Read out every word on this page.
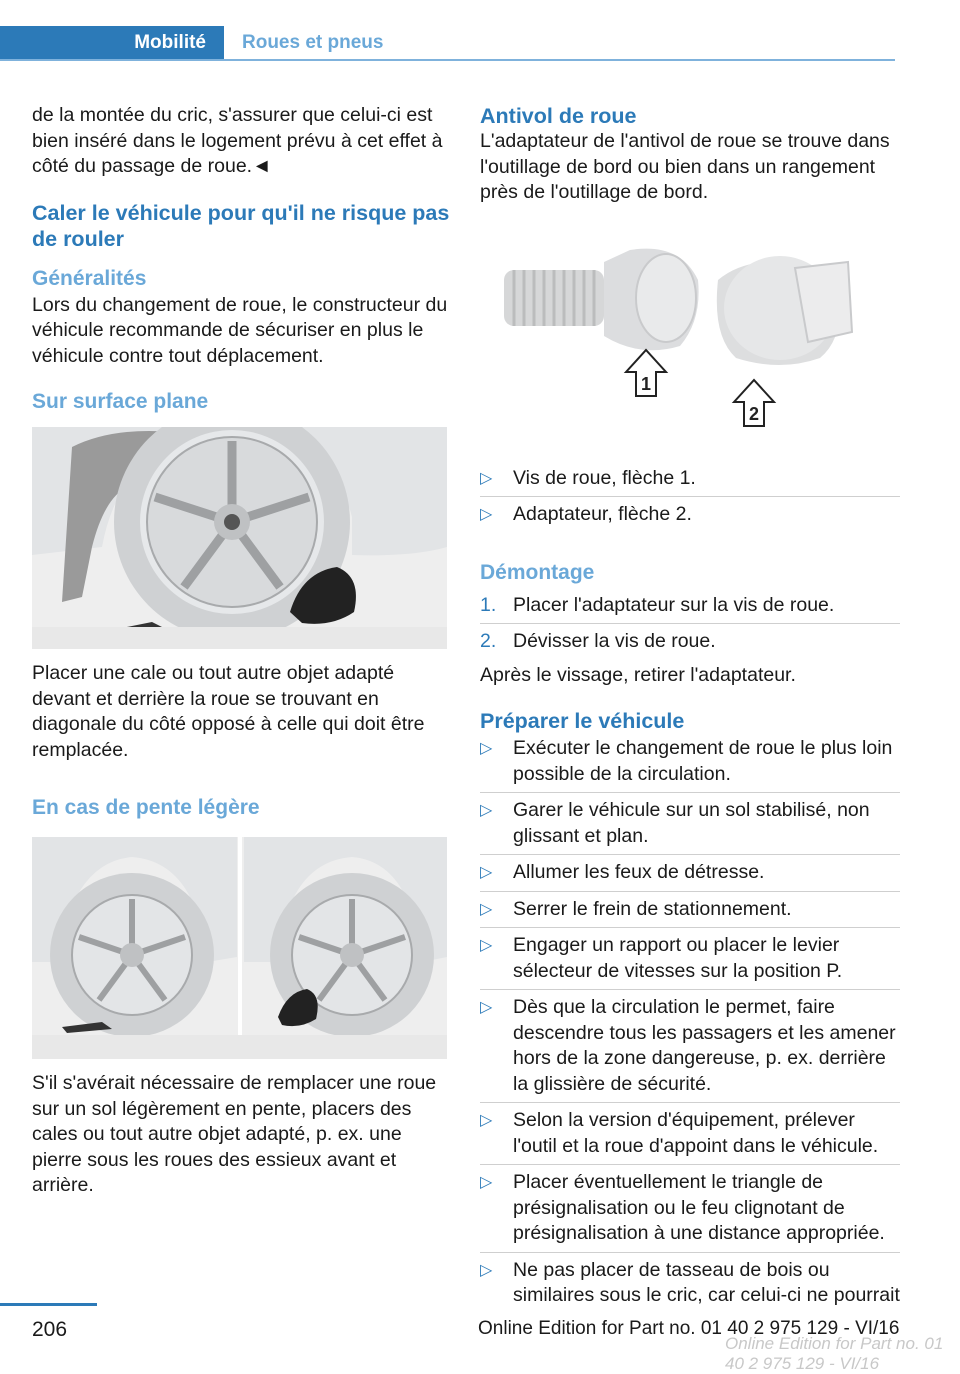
Mobilité Roues et pneus

de la montée du cric, s'assurer que celui-ci est bien inséré dans le logement prévu à cet effet à côté du passage de roue.◄

Caler le véhicule pour qu'il ne risque pas de rouler
Généralités

Lors du changement de roue, le constructeur du véhicule recommande de sécuriser en plus le véhicule contre tout déplacement.

Sur surface plane

Placer une cale ou tout autre objet adapté devant et derrière la roue se trouvant en diagonale du côté opposé à celle qui doit être remplacée.

En cas de pente légère

S'il s'avérait nécessaire de remplacer une roue sur un sol légèrement en pente, placers des cales ou tout autre objet adapté, p. ex. une pierre sous les roues des essieux avant et arrière.

Antivol de roue

L'adaptateur de l'antivol de roue se trouve dans l'outillage de bord ou bien dans un rangement près de l'outillage de bord.

1
2
▷ Vis de roue, flèche 1.
▷ Adaptateur, flèche 2.
Démontage
1. Placer l'adaptateur sur la vis de roue.
2. Dévisser la vis de roue.

Après le vissage, retirer l'adaptateur.

Préparer le véhicule
▷ Exécuter le changement de roue le plus loin possible de la circulation.
▷ Garer le véhicule sur un sol stabilisé, non glissant et plan.
▷ Allumer les feux de détresse.
▷ Serrer le frein de stationnement.
▷ Engager un rapport ou placer le levier sélecteur de vitesses sur la position P.
▷ Dès que la circulation le permet, faire descendre tous les passagers et les amener hors de la zone dangereuse, p. ex. derrière la glissière de sécurité.
▷ Selon la version d'équipement, prélever l'outil et la roue d'appoint dans le véhicule.
▷ Placer éventuellement le triangle de présignalisation ou le feu clignotant de présignalisation à une distance appropriée.
▷ Ne pas placer de tasseau de bois ou similaires sous le cric, car celui-ci ne pourrait
206	Online Edition for Part no. 01 40 2 975 129 - VI/16
Online Edition for Part no. 01 40 2 975 129 - VI/16
